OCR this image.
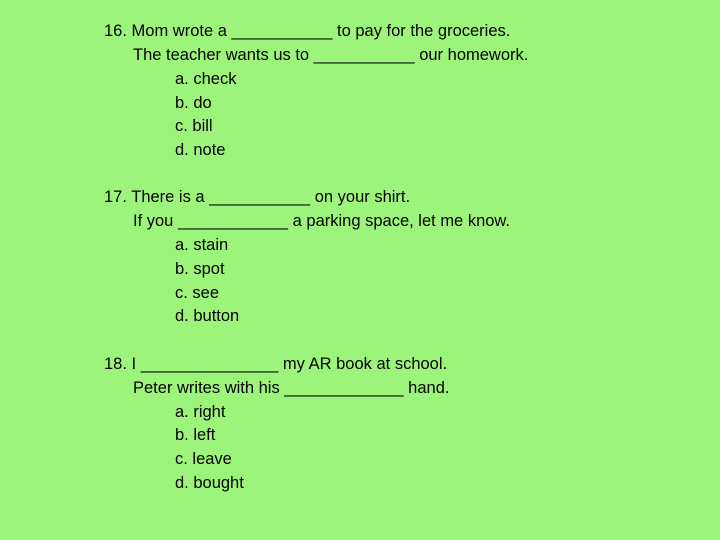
16. Mom wrote a ___________ to pay for the groceries.
The teacher wants us to ___________ our homework.
a. check
b. do
c. bill
d. note
17. There is a ___________ on your shirt.
If you ____________ a parking space, let me know.
a. stain
b. spot
c. see
d. button
18. I _______________ my AR book at school.
Peter writes with his _____________ hand.
a. right
b. left
c. leave
d. bought
